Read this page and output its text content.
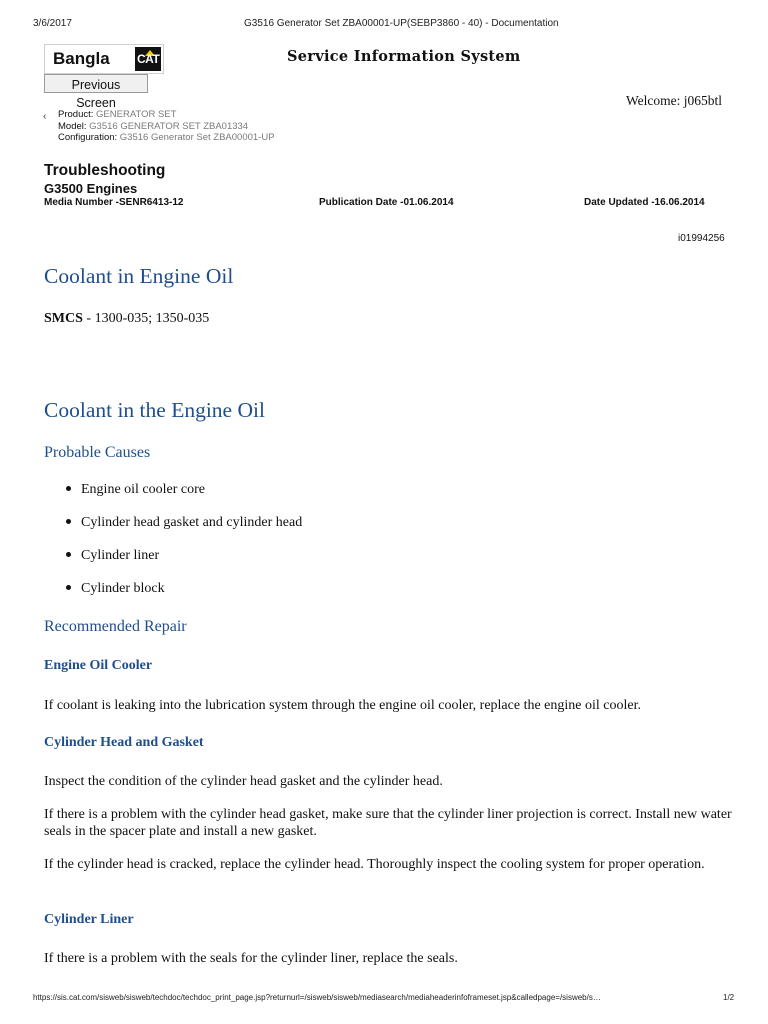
3/6/2017	G3516 Generator Set ZBA00001-UP(SEBP3860 - 40) - Documentation
Bangla CAT	Service Information System
Previous Screen	Welcome: j065btl
‹	Product: GENERATOR SET
Model: G3516 GENERATOR SET ZBA01334
Configuration: G3516 Generator Set ZBA00001-UP
Troubleshooting
G3500 Engines
Media Number -SENR6413-12	Publication Date -01.06.2014	Date Updated -16.06.2014
i01994256
Coolant in Engine Oil
SMCS - 1300-035; 1350-035
Coolant in the Engine Oil
Probable Causes
Engine oil cooler core
Cylinder head gasket and cylinder head
Cylinder liner
Cylinder block
Recommended Repair
Engine Oil Cooler
If coolant is leaking into the lubrication system through the engine oil cooler, replace the engine oil cooler.
Cylinder Head and Gasket
Inspect the condition of the cylinder head gasket and the cylinder head.
If there is a problem with the cylinder head gasket, make sure that the cylinder liner projection is correct. Install new water seals in the spacer plate and install a new gasket.
If the cylinder head is cracked, replace the cylinder head. Thoroughly inspect the cooling system for proper operation.
Cylinder Liner
If there is a problem with the seals for the cylinder liner, replace the seals.
https://sis.cat.com/sisweb/sisweb/techdoc/techdoc_print_page.jsp?returnurl=/sisweb/sisweb/mediasearch/mediaheaderinfoframeset.jsp&calledpage=/sisweb/s…	1/2
